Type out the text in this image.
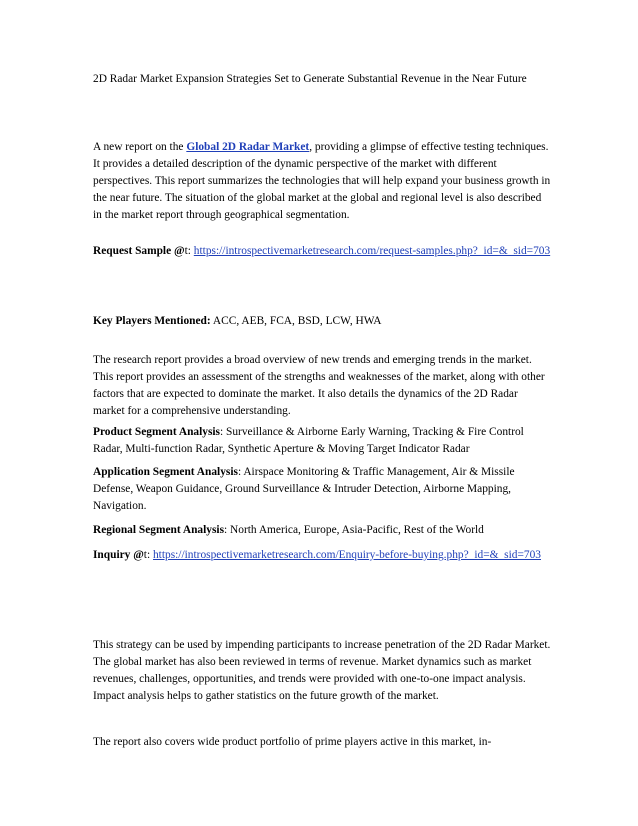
2D Radar Market Expansion Strategies Set to Generate Substantial Revenue in the Near Future

A new report on the Global 2D Radar Market, providing a glimpse of effective testing techniques. It provides a detailed description of the dynamic perspective of the market with different perspectives. This report summarizes the technologies that will help expand your business growth in the near future. The situation of the global market at the global and regional level is also described in the market report through geographical segmentation.

Request Sample @t: https://introspectivemarketresearch.com/request-samples.php?_id=&_sid=703

Key Players Mentioned: ACC, AEB, FCA, BSD, LCW, HWA

The research report provides a broad overview of new trends and emerging trends in the market. This report provides an assessment of the strengths and weaknesses of the market, along with other factors that are expected to dominate the market. It also details the dynamics of the 2D Radar market for a comprehensive understanding.

Product Segment Analysis: Surveillance & Airborne Early Warning, Tracking & Fire Control Radar, Multi-function Radar, Synthetic Aperture & Moving Target Indicator Radar

Application Segment Analysis: Airspace Monitoring & Traffic Management, Air & Missile Defense, Weapon Guidance, Ground Surveillance & Intruder Detection, Airborne Mapping, Navigation.

Regional Segment Analysis: North America, Europe, Asia-Pacific, Rest of the World

Inquiry @t: https://introspectivemarketresearch.com/Enquiry-before-buying.php?_id=&_sid=703

This strategy can be used by impending participants to increase penetration of the 2D Radar Market. The global market has also been reviewed in terms of revenue. Market dynamics such as market revenues, challenges, opportunities, and trends were provided with one-to-one impact analysis. Impact analysis helps to gather statistics on the future growth of the market.

The report also covers wide product portfolio of prime players active in this market, in-
